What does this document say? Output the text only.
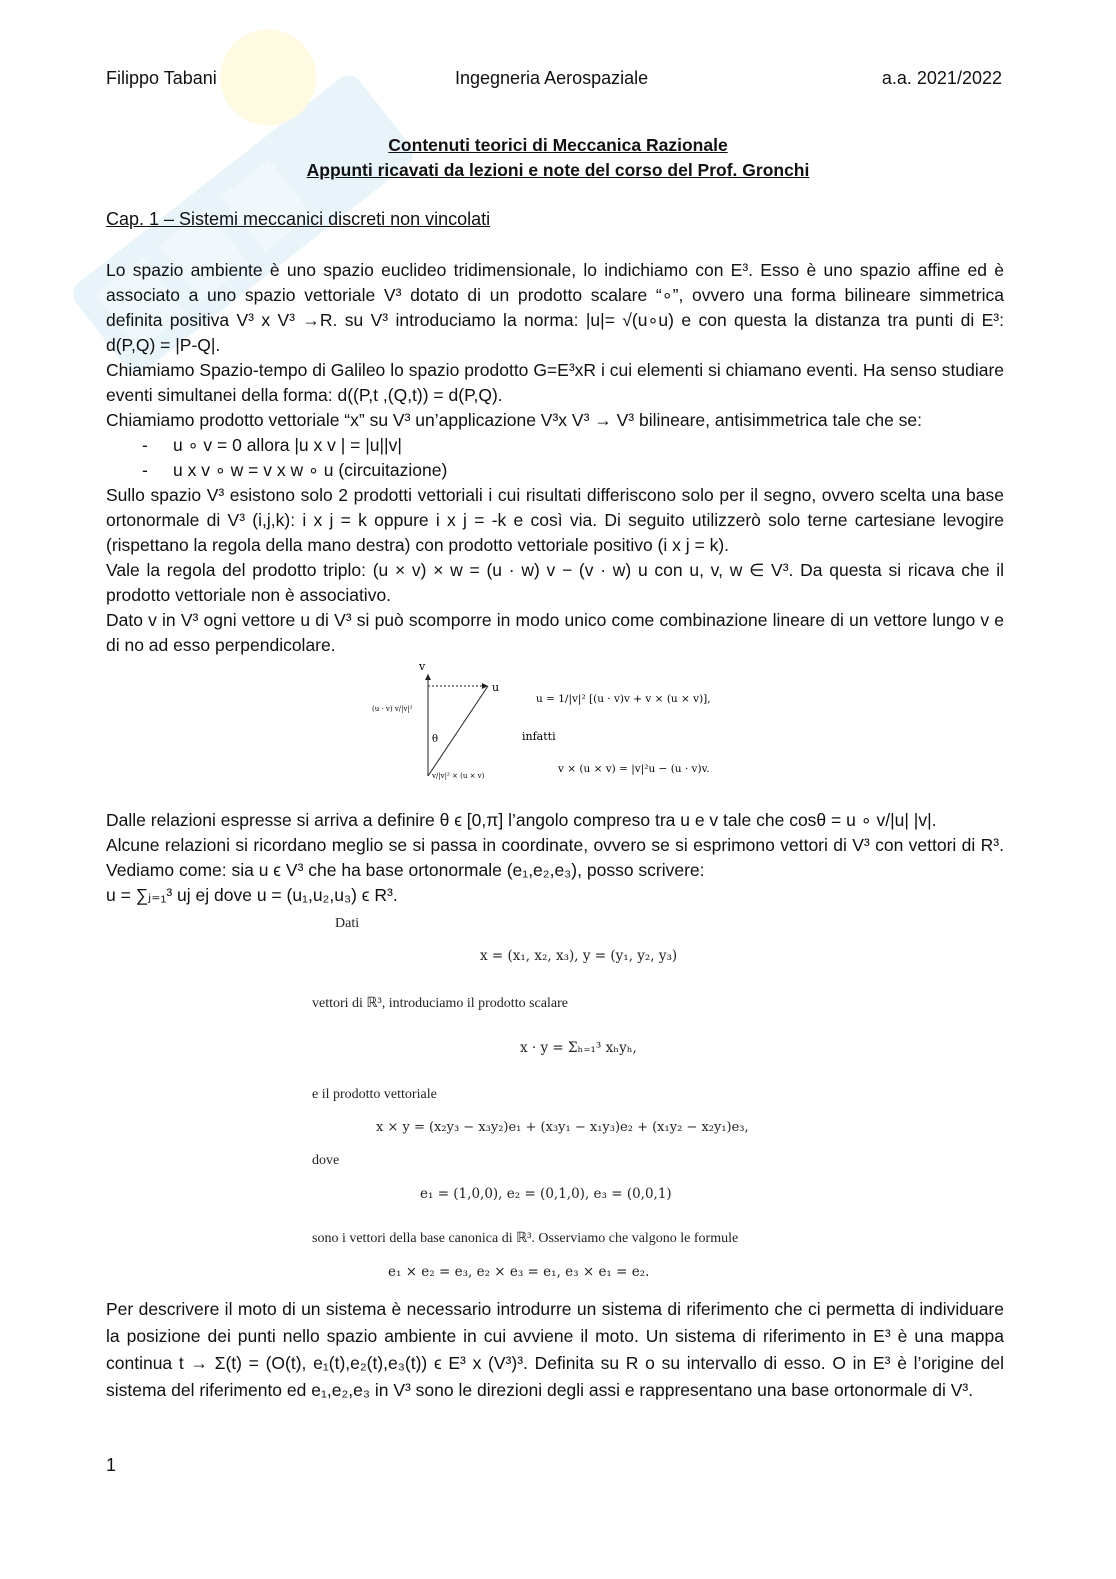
Filippo Tabani	Ingegneria Aerospaziale	a.a. 2021/2022
Contenuti teorici di Meccanica Razionale
Appunti ricavati da lezioni e note del corso del Prof. Gronchi
Cap. 1 – Sistemi meccanici discreti non vincolati

Lo spazio ambiente è uno spazio euclideo tridimensionale, lo indichiamo con E³. Esso è uno spazio affine ed è associato a uno spazio vettoriale V³ dotato di un prodotto scalare “∘”, ovvero una forma bilineare simmetrica definita positiva V³ x V³ →R. su V³ introduciamo la norma: |u|= √(u∘u) e con questa la distanza tra punti di E³: d(P,Q) = |P-Q|.

Chiamiamo Spazio-tempo di Galileo lo spazio prodotto G=E³xR i cui elementi si chiamano eventi. Ha senso studiare eventi simultanei della forma: d((P,t ,(Q,t)) = d(P,Q).

Chiamiamo prodotto vettoriale “x” su V³ un’applicazione V³x V³ → V³ bilineare, antisimmetrica tale che se:

- u ∘ v = 0 allora |u x v | = |u||v|
- u x v ∘ w = v x w ∘ u (circuitazione)

Sullo spazio V³ esistono solo 2 prodotti vettoriali i cui risultati differiscono solo per il segno, ovvero scelta una base ortonormale di V³ (i,j,k): i x j = k oppure i x j = -k e così via. Di seguito utilizzerò solo terne cartesiane levogire (rispettano la regola della mano destra) con prodotto vettoriale positivo (i x j = k).

Vale la regola del prodotto triplo: (u × v) × w = (u · w) v − (v · w) u con u, v, w ∈ V³. Da questa si ricava che il prodotto vettoriale non è associativo.

Dato v in V³ ogni vettore u di V³ si può scomporre in modo unico come combinazione lineare di un vettore lungo v e di no ad esso perpendicolare.

v
u
θ
(u · v) v/|v|²
v/|v|² × (u × v)
u = 1/|v|² [(u · v)v + v × (u × v)],
infatti
v × (u × v) = |v|²u − (u · v)v.

Dalle relazioni espresse si arriva a definire θ ϵ [0,π] l’angolo compreso tra u e v tale che cosθ = u ∘ v/|u| |v|.

Alcune relazioni si ricordano meglio se si passa in coordinate, ovvero se si esprimono vettori di V³ con vettori di R³. Vediamo come: sia u ϵ V³ che ha base ortonormale (e₁,e₂,e₃), posso scrivere:

u = ∑ⱼ₌₁³ uj ej dove u = (u₁,u₂,u₃) ϵ R³.

Dati
x = (x₁, x₂, x₃), y = (y₁, y₂, y₃)
vettori di ℝ³, introduciamo il prodotto scalare
x · y = Σₕ₌₁³ xₕyₕ,
e il prodotto vettoriale
x × y = (x₂y₃ − x₃y₂)e₁ + (x₃y₁ − x₁y₃)e₂ + (x₁y₂ − x₂y₁)e₃,
dove
e₁ = (1,0,0), e₂ = (0,1,0), e₃ = (0,0,1)
sono i vettori della base canonica di ℝ³. Osserviamo che valgono le formule
e₁ × e₂ = e₃, e₂ × e₃ = e₁, e₃ × e₁ = e₂.

Per descrivere il moto di un sistema è necessario introdurre un sistema di riferimento che ci permetta di individuare la posizione dei punti nello spazio ambiente in cui avviene il moto. Un sistema di riferimento in E³ è una mappa continua t → Σ(t) = (O(t), e₁(t),e₂(t),e₃(t)) ϵ E³ x (V³)³. Definita su R o su intervallo di esso. O in E³ è l’origine del sistema del riferimento ed e₁,e₂,e₃ in V³ sono le direzioni degli assi e rappresentano una base ortonormale di V³.

1
